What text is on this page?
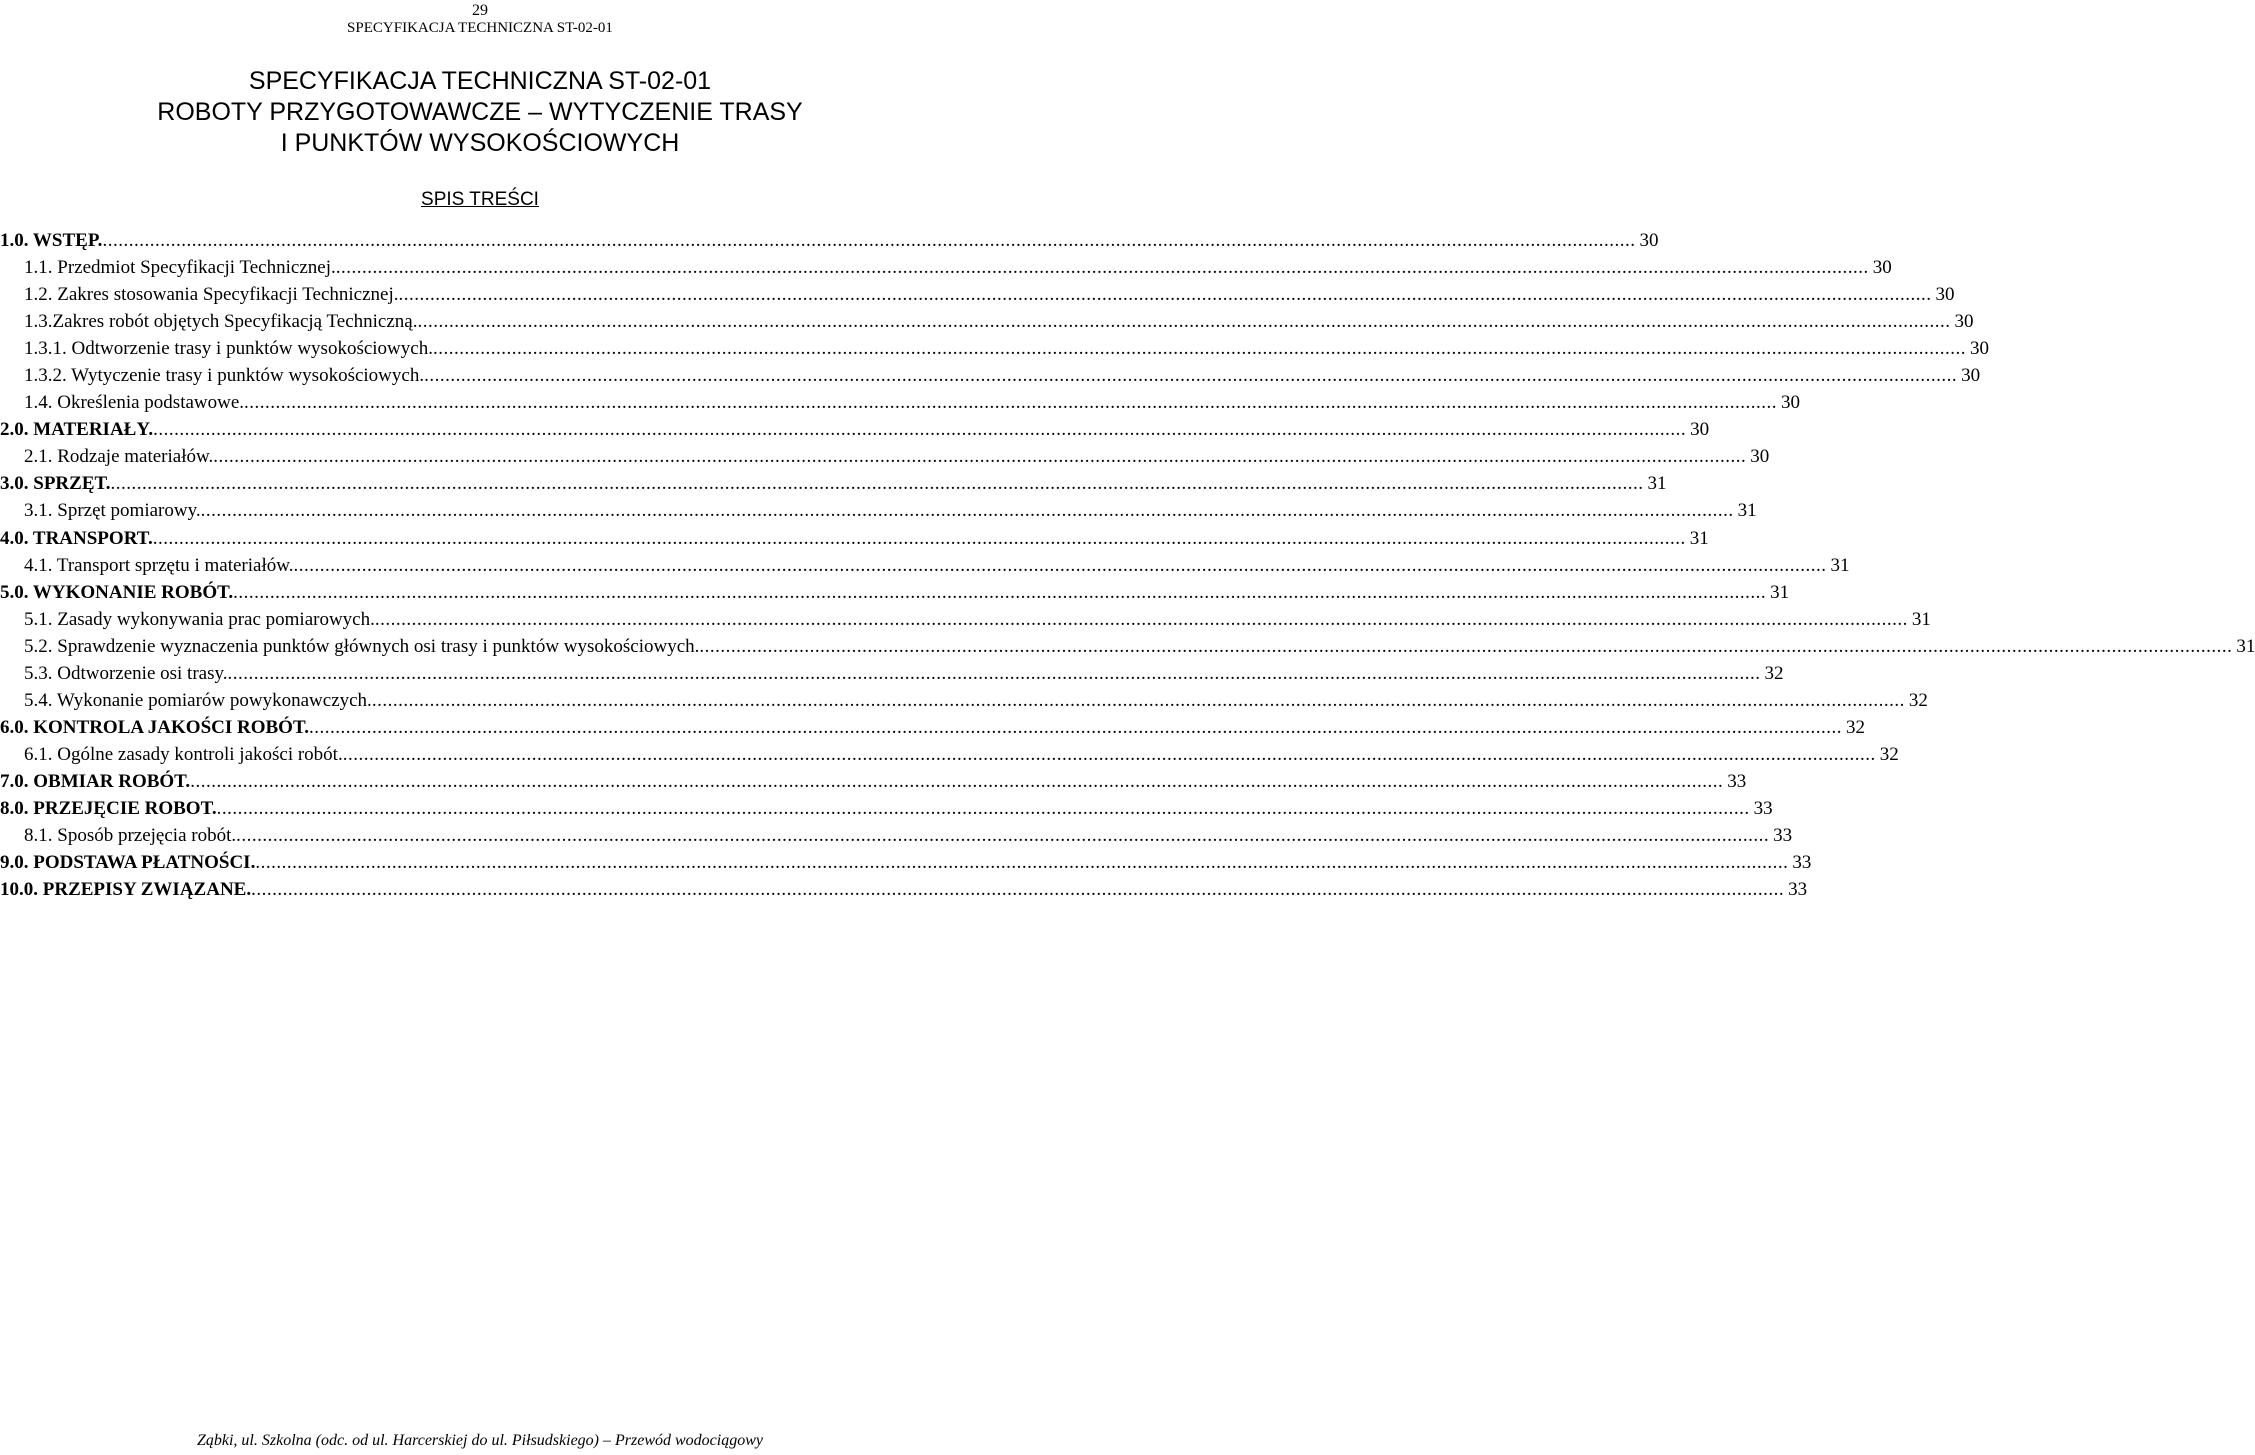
29
SPECYFIKACJA TECHNICZNA ST-02-01
SPECYFIKACJA TECHNICZNA ST-02-01
ROBOTY PRZYGOTOWAWCZE – WYTYCZENIE TRASY
I PUNKTÓW WYSOKOŚCIOWYCH
SPIS TREŚCI
1.0. WSTĘP. .....	30
1.1. Przedmiot Specyfikacji Technicznej. .....	30
1.2. Zakres stosowania Specyfikacji Technicznej. .....	30
1.3.Zakres robót objętych Specyfikacją Techniczną. .....	30
1.3.1. Odtworzenie trasy i punktów wysokościowych. .....	30
1.3.2. Wytyczenie trasy i punktów wysokościowych. .....	30
1.4. Określenia podstawowe. .....	30
2.0. MATERIAŁY. .....	30
2.1. Rodzaje materiałów. .....	30
3.0. SPRZĘT. .....	31
3.1. Sprzęt pomiarowy. .....	31
4.0. TRANSPORT. .....	31
4.1. Transport sprzętu i materiałów. .....	31
5.0. WYKONANIE ROBÓT. .....	31
5.1. Zasady wykonywania prac pomiarowych. .....	31
5.2. Sprawdzenie wyznaczenia punktów głównych osi trasy i punktów wysokościowych. .....	31
5.3. Odtworzenie osi trasy. .....	32
5.4. Wykonanie pomiarów powykonawczych. .....	32
6.0. KONTROLA JAKOŚCI ROBÓT. .....	32
6.1. Ogólne zasady kontroli jakości robót. .....	32
7.0. OBMIAR ROBÓT. .....	33
8.0. PRZEJĘCIE ROBOT. .....	33
8.1. Sposób przejęcia robót. .....	33
9.0. PODSTAWA PŁATNOŚCI. .....	33
10.0. PRZEPISY ZWIĄZANE. .....	33
Ząbki, ul. Szkolna (odc. od ul. Harcerskiej do ul. Piłsudskiego) – Przewód wodociągowy
